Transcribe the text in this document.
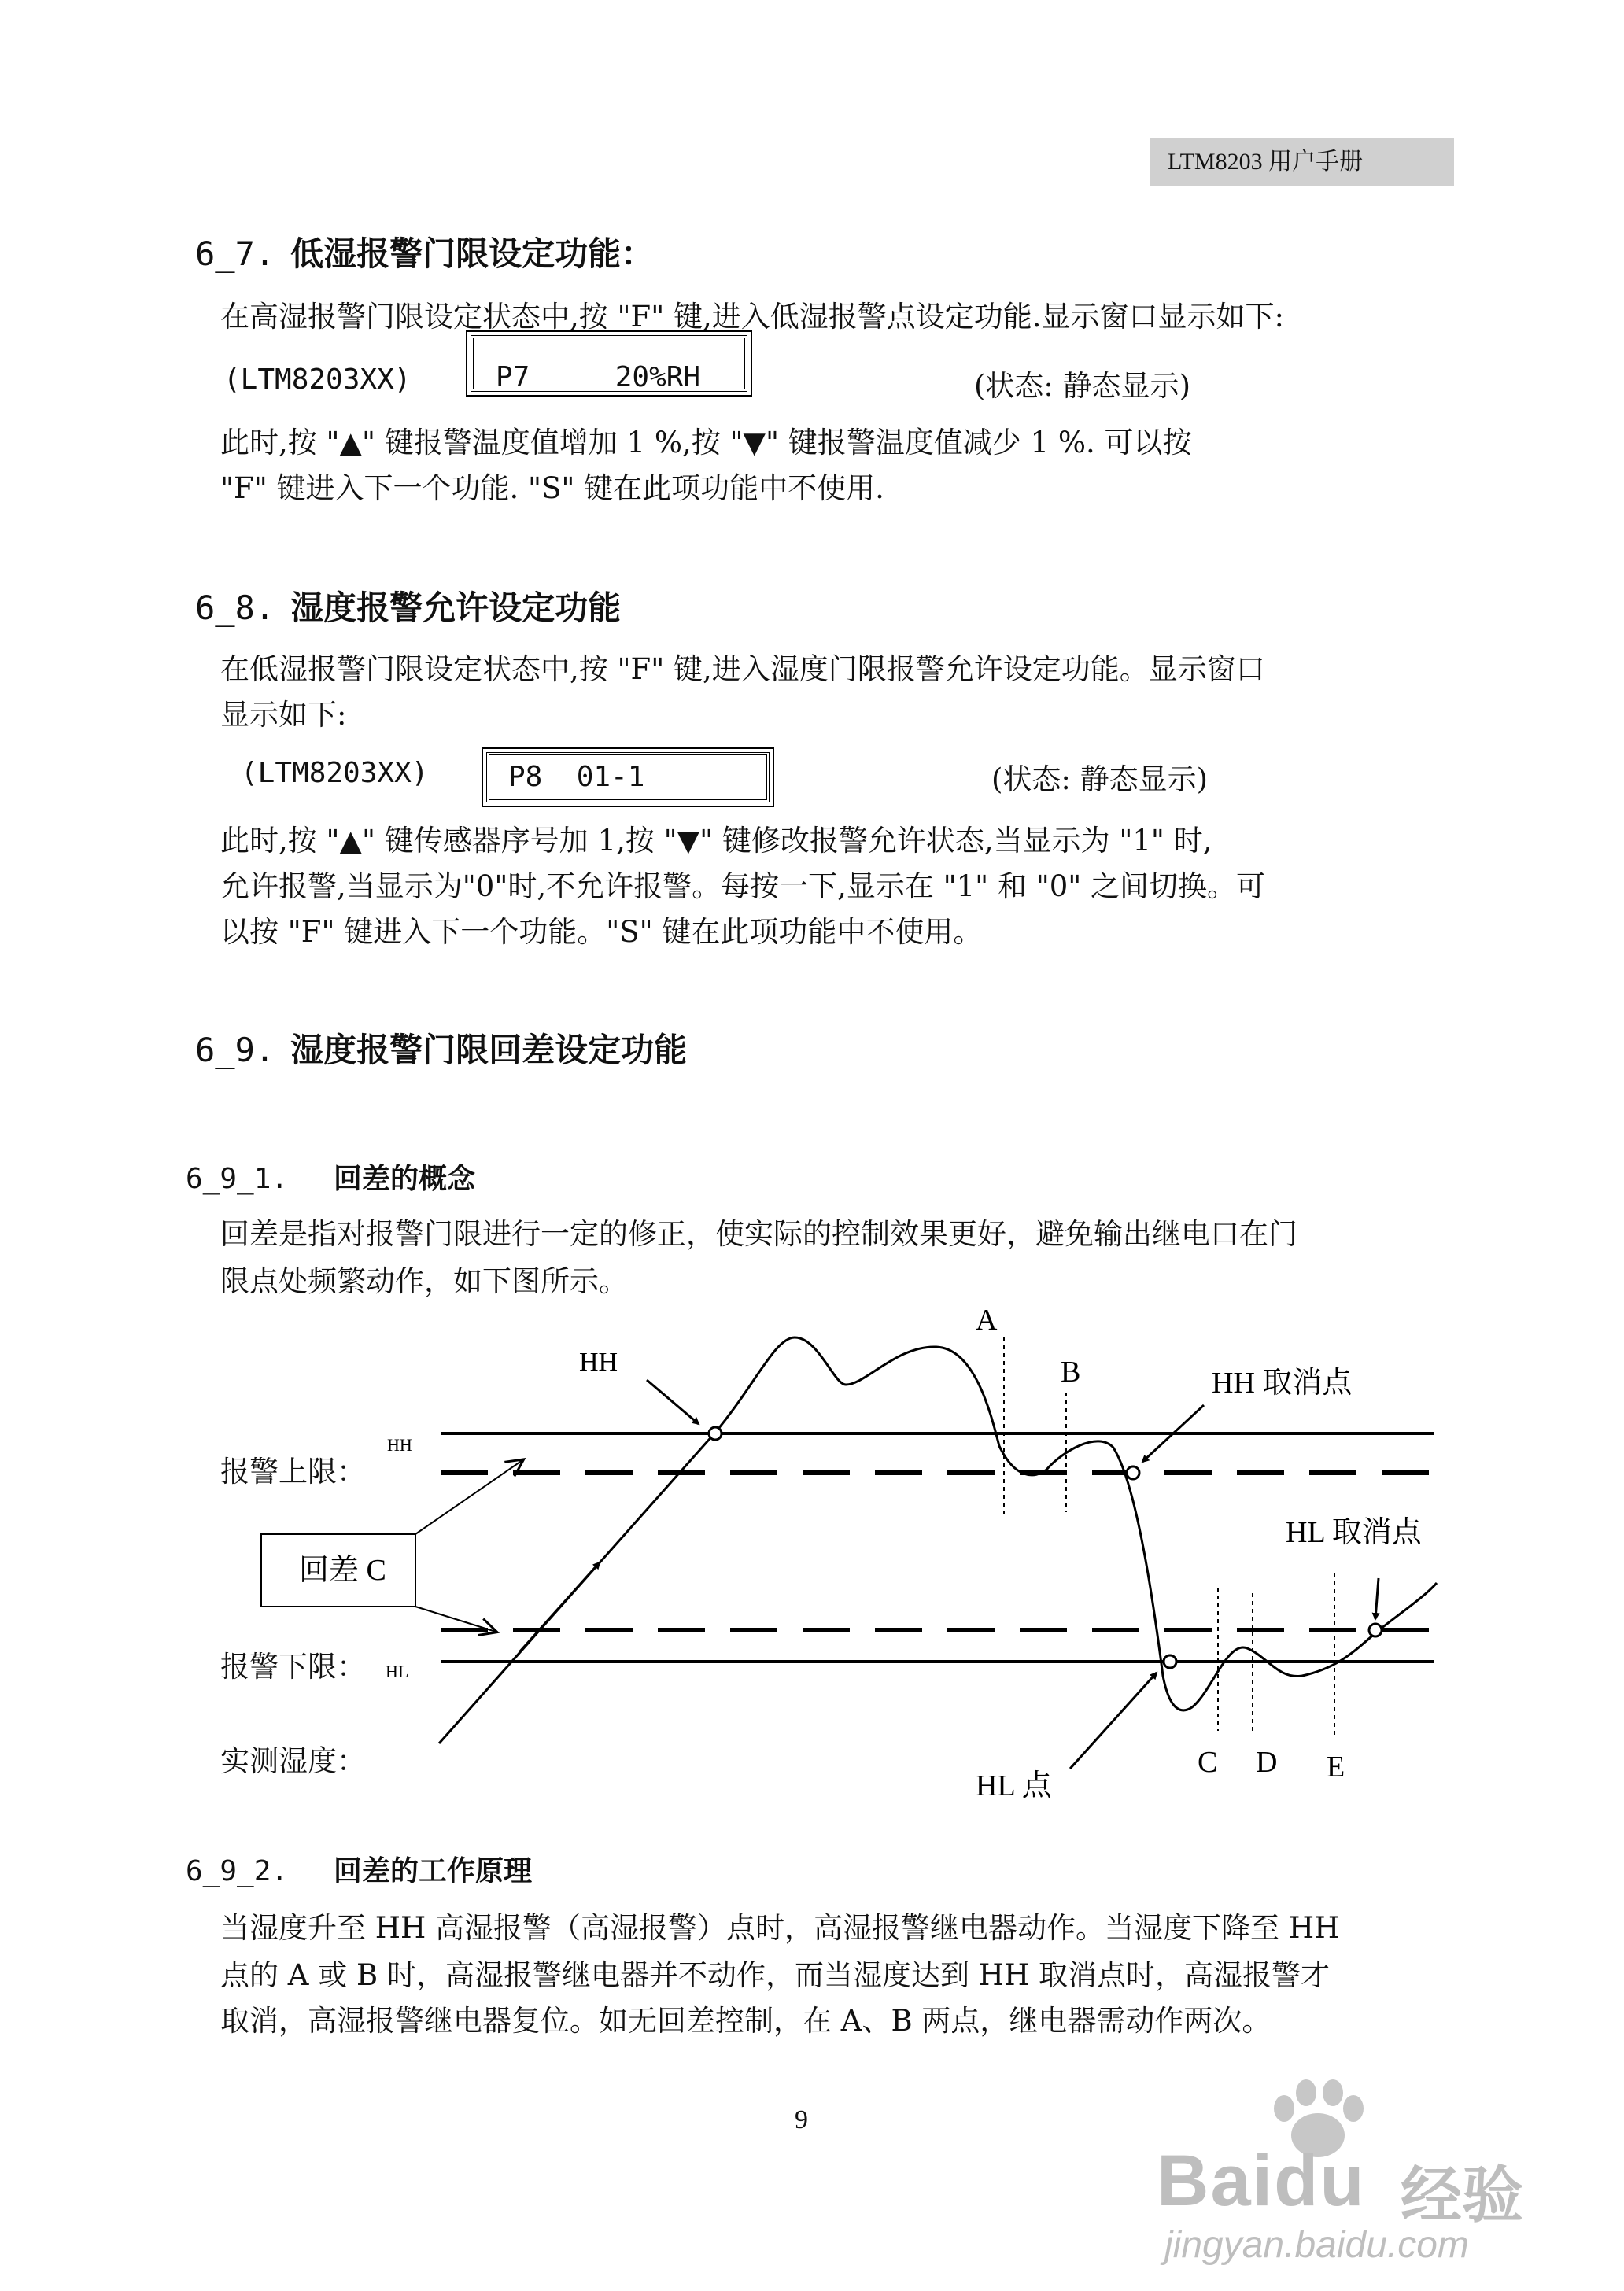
LTM8203 用户手册
6_7. 低湿报警门限设定功能：
在高湿报警门限设定状态中,按 "F" 键,进入低湿报警点设定功能.显示窗口显示如下:
(LTM8203XX)	P7     20%RH	(状态: 静态显示)
此时,按 "▲" 键报警温度值增加 1 %,按 "▼" 键报警温度值减少 1 %. 可以按
"F" 键进入下一个功能. "S" 键在此项功能中不使用.
6_8. 湿度报警允许设定功能
在低湿报警门限设定状态中,按 "F" 键,进入湿度门限报警允许设定功能。显示窗口
显示如下:
(LTM8203XX)	P8  01-1	(状态: 静态显示)
此时,按 "▲" 键传感器序号加 1,按 "▼" 键修改报警允许状态,当显示为 "1" 时,
允许报警,当显示为"0"时,不允许报警。每按一下,显示在 "1" 和 "0" 之间切换。可
以按 "F" 键进入下一个功能。"S" 键在此项功能中不使用。
6_9. 湿度报警门限回差设定功能
6_9_1. 回差的概念
回差是指对报警门限进行一定的修正，使实际的控制效果更好，避免输出继电口在门
限点处频繁动作，如下图所示。
回差 C
HH
A
B	HH 取消点
HL 取消点
HL 点
C D E
HH
HL
报警上限：
报警下限：
实测湿度：
6_9_2. 回差的工作原理
当湿度升至 HH 高湿报警（高湿报警）点时，高湿报警继电器动作。当湿度下降至 HH
点的 A 或 B 时，高湿报警继电器并不动作，而当湿度达到 HH 取消点时，高湿报警才
取消，高湿报警继电器复位。如无回差控制，在 A、B 两点，继电器需动作两次。
9
Baidu 经验
jingyan.baidu.com
